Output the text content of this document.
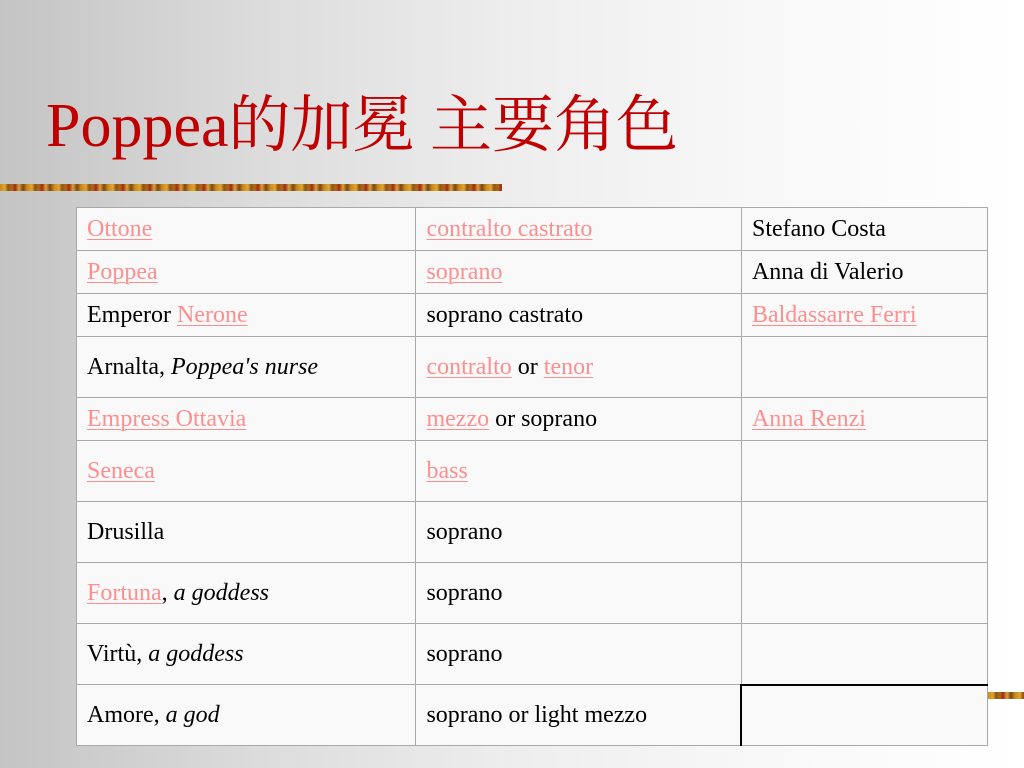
Poppea的加冕 主要角色
Ottone	contralto castrato	Stefano Costa
Poppea	soprano	Anna di Valerio
Emperor Nerone	soprano castrato	Baldassarre Ferri
Arnalta, Poppea's nurse	contralto or tenor	
Empress Ottavia	mezzo or soprano	Anna Renzi
Seneca	bass	
Drusilla	soprano	
Fortuna, a goddess	soprano	
Virtù, a goddess	soprano	
Amore, a god	soprano or light mezzo	
